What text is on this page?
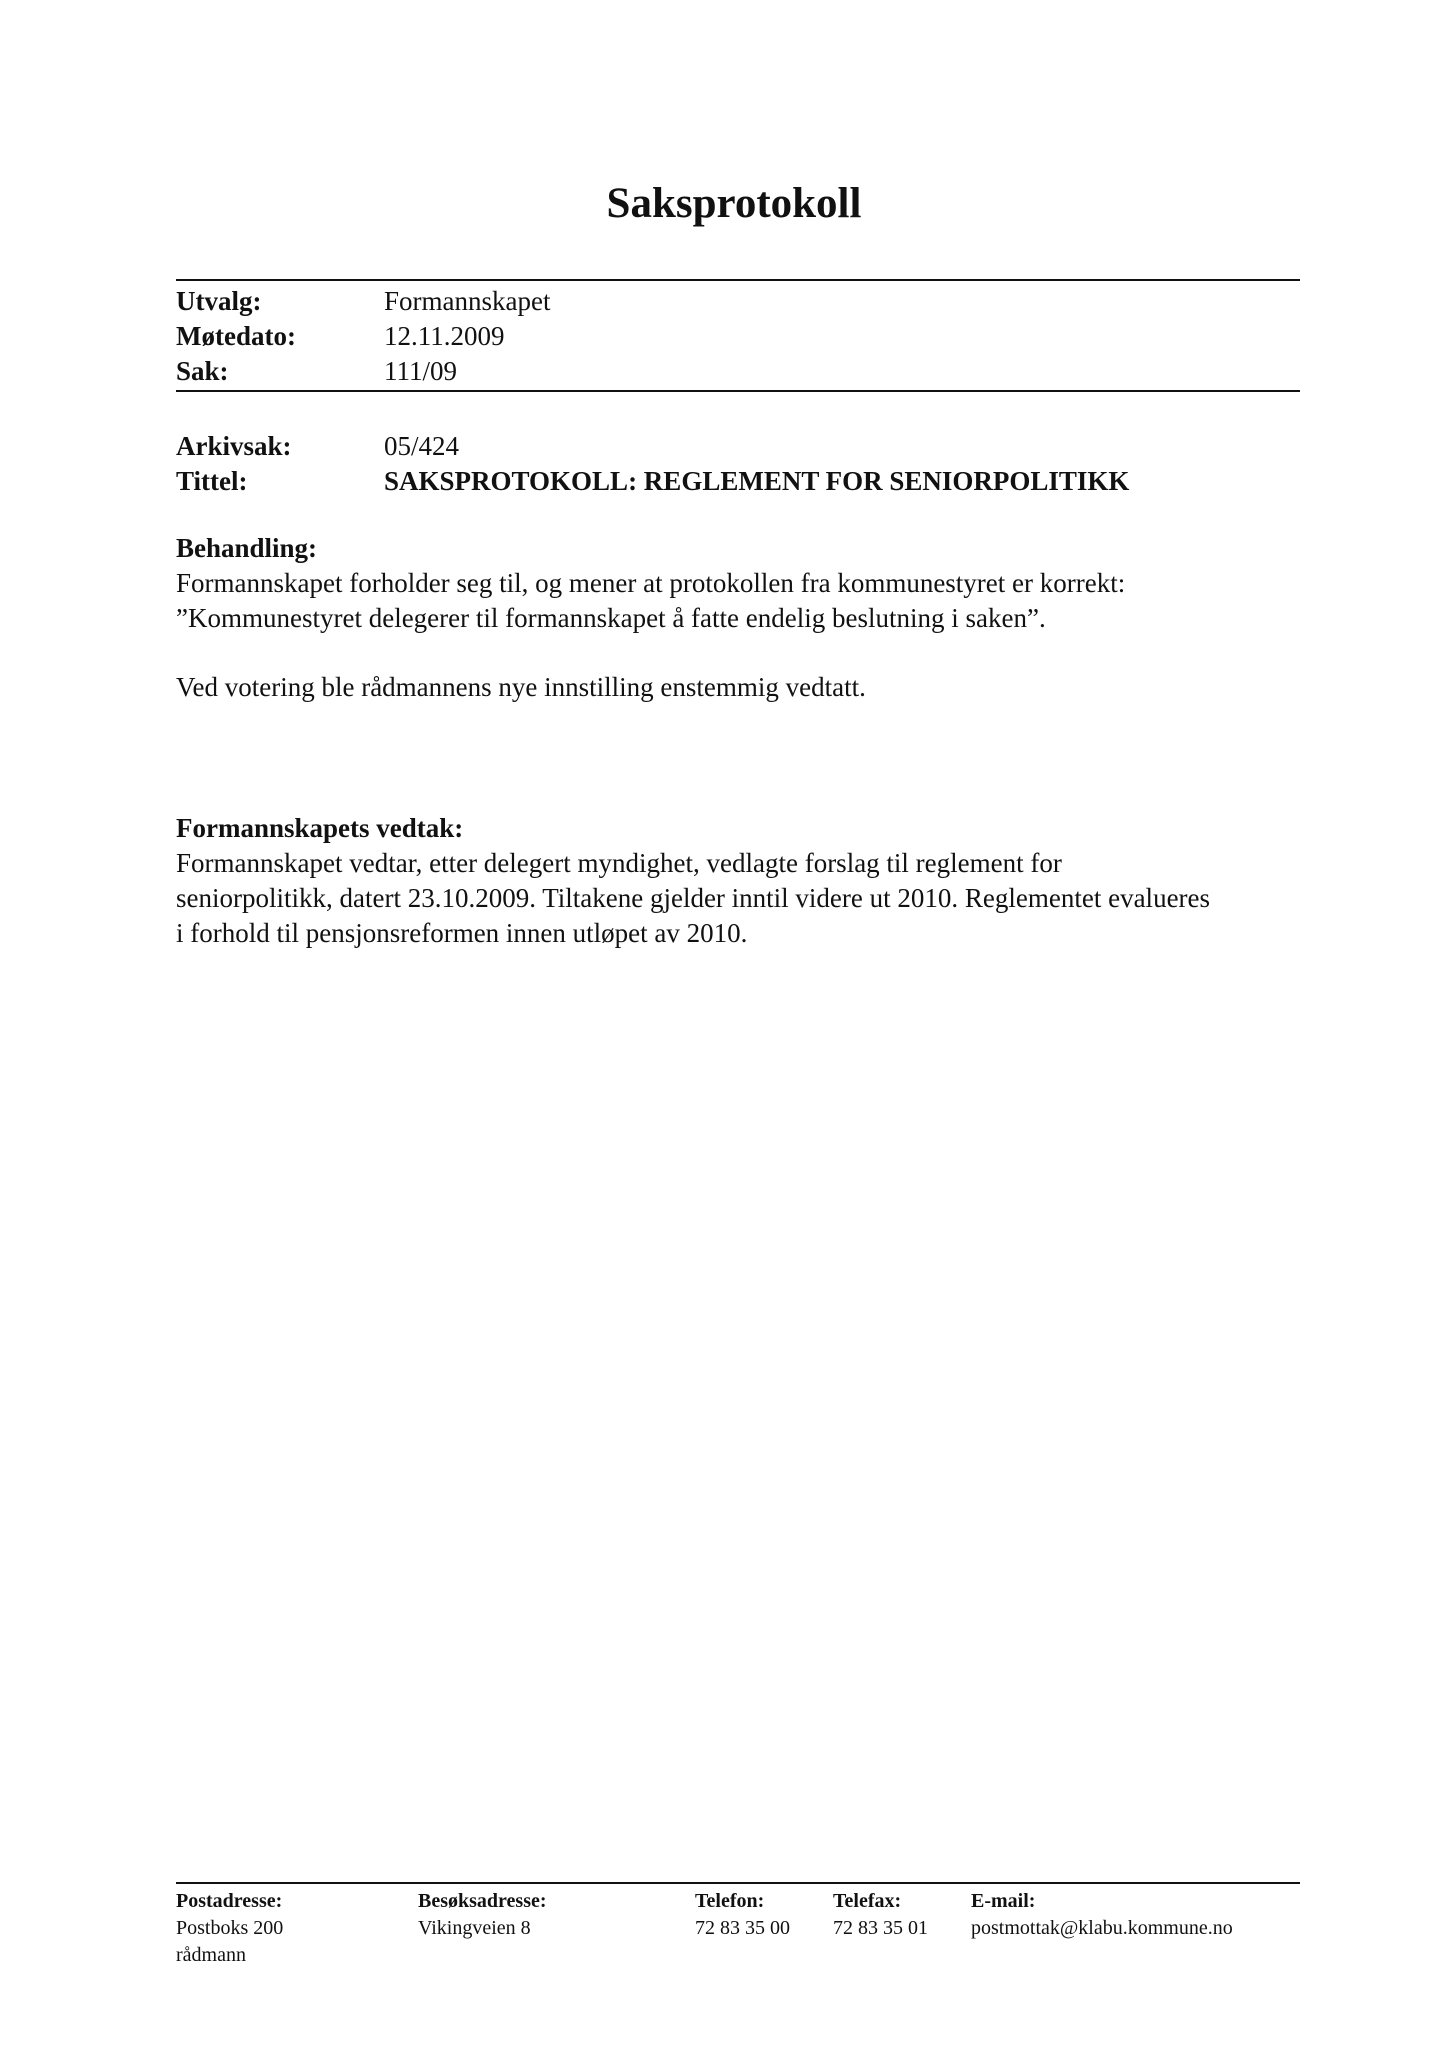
Saksprotokoll
Utvalg:	Formannskapet
Møtedato:	12.11.2009
Sak:	111/09
Arkivsak:	05/424
Tittel:	SAKSPROTOKOLL: REGLEMENT FOR SENIORPOLITIKK
Behandling:
Formannskapet forholder seg til, og mener at protokollen fra kommunestyret er korrekt:
”Kommunestyret delegerer til formannskapet å fatte endelig beslutning i saken”.
Ved votering ble rådmannens nye innstilling enstemmig vedtatt.
Formannskapets vedtak:
Formannskapet vedtar, etter delegert myndighet, vedlagte forslag til reglement for
seniorpolitikk, datert 23.10.2009. Tiltakene gjelder inntil videre ut 2010. Reglementet evalueres
i forhold til pensjonsreformen innen utløpet av 2010.
Postadresse:
Postboks 200
rådmann
Besøksadresse:
Vikingveien 8
Telefon:
72 83 35 00
Telefax:
72 83 35 01
E-mail:
postmottak@klabu.kommune.no
